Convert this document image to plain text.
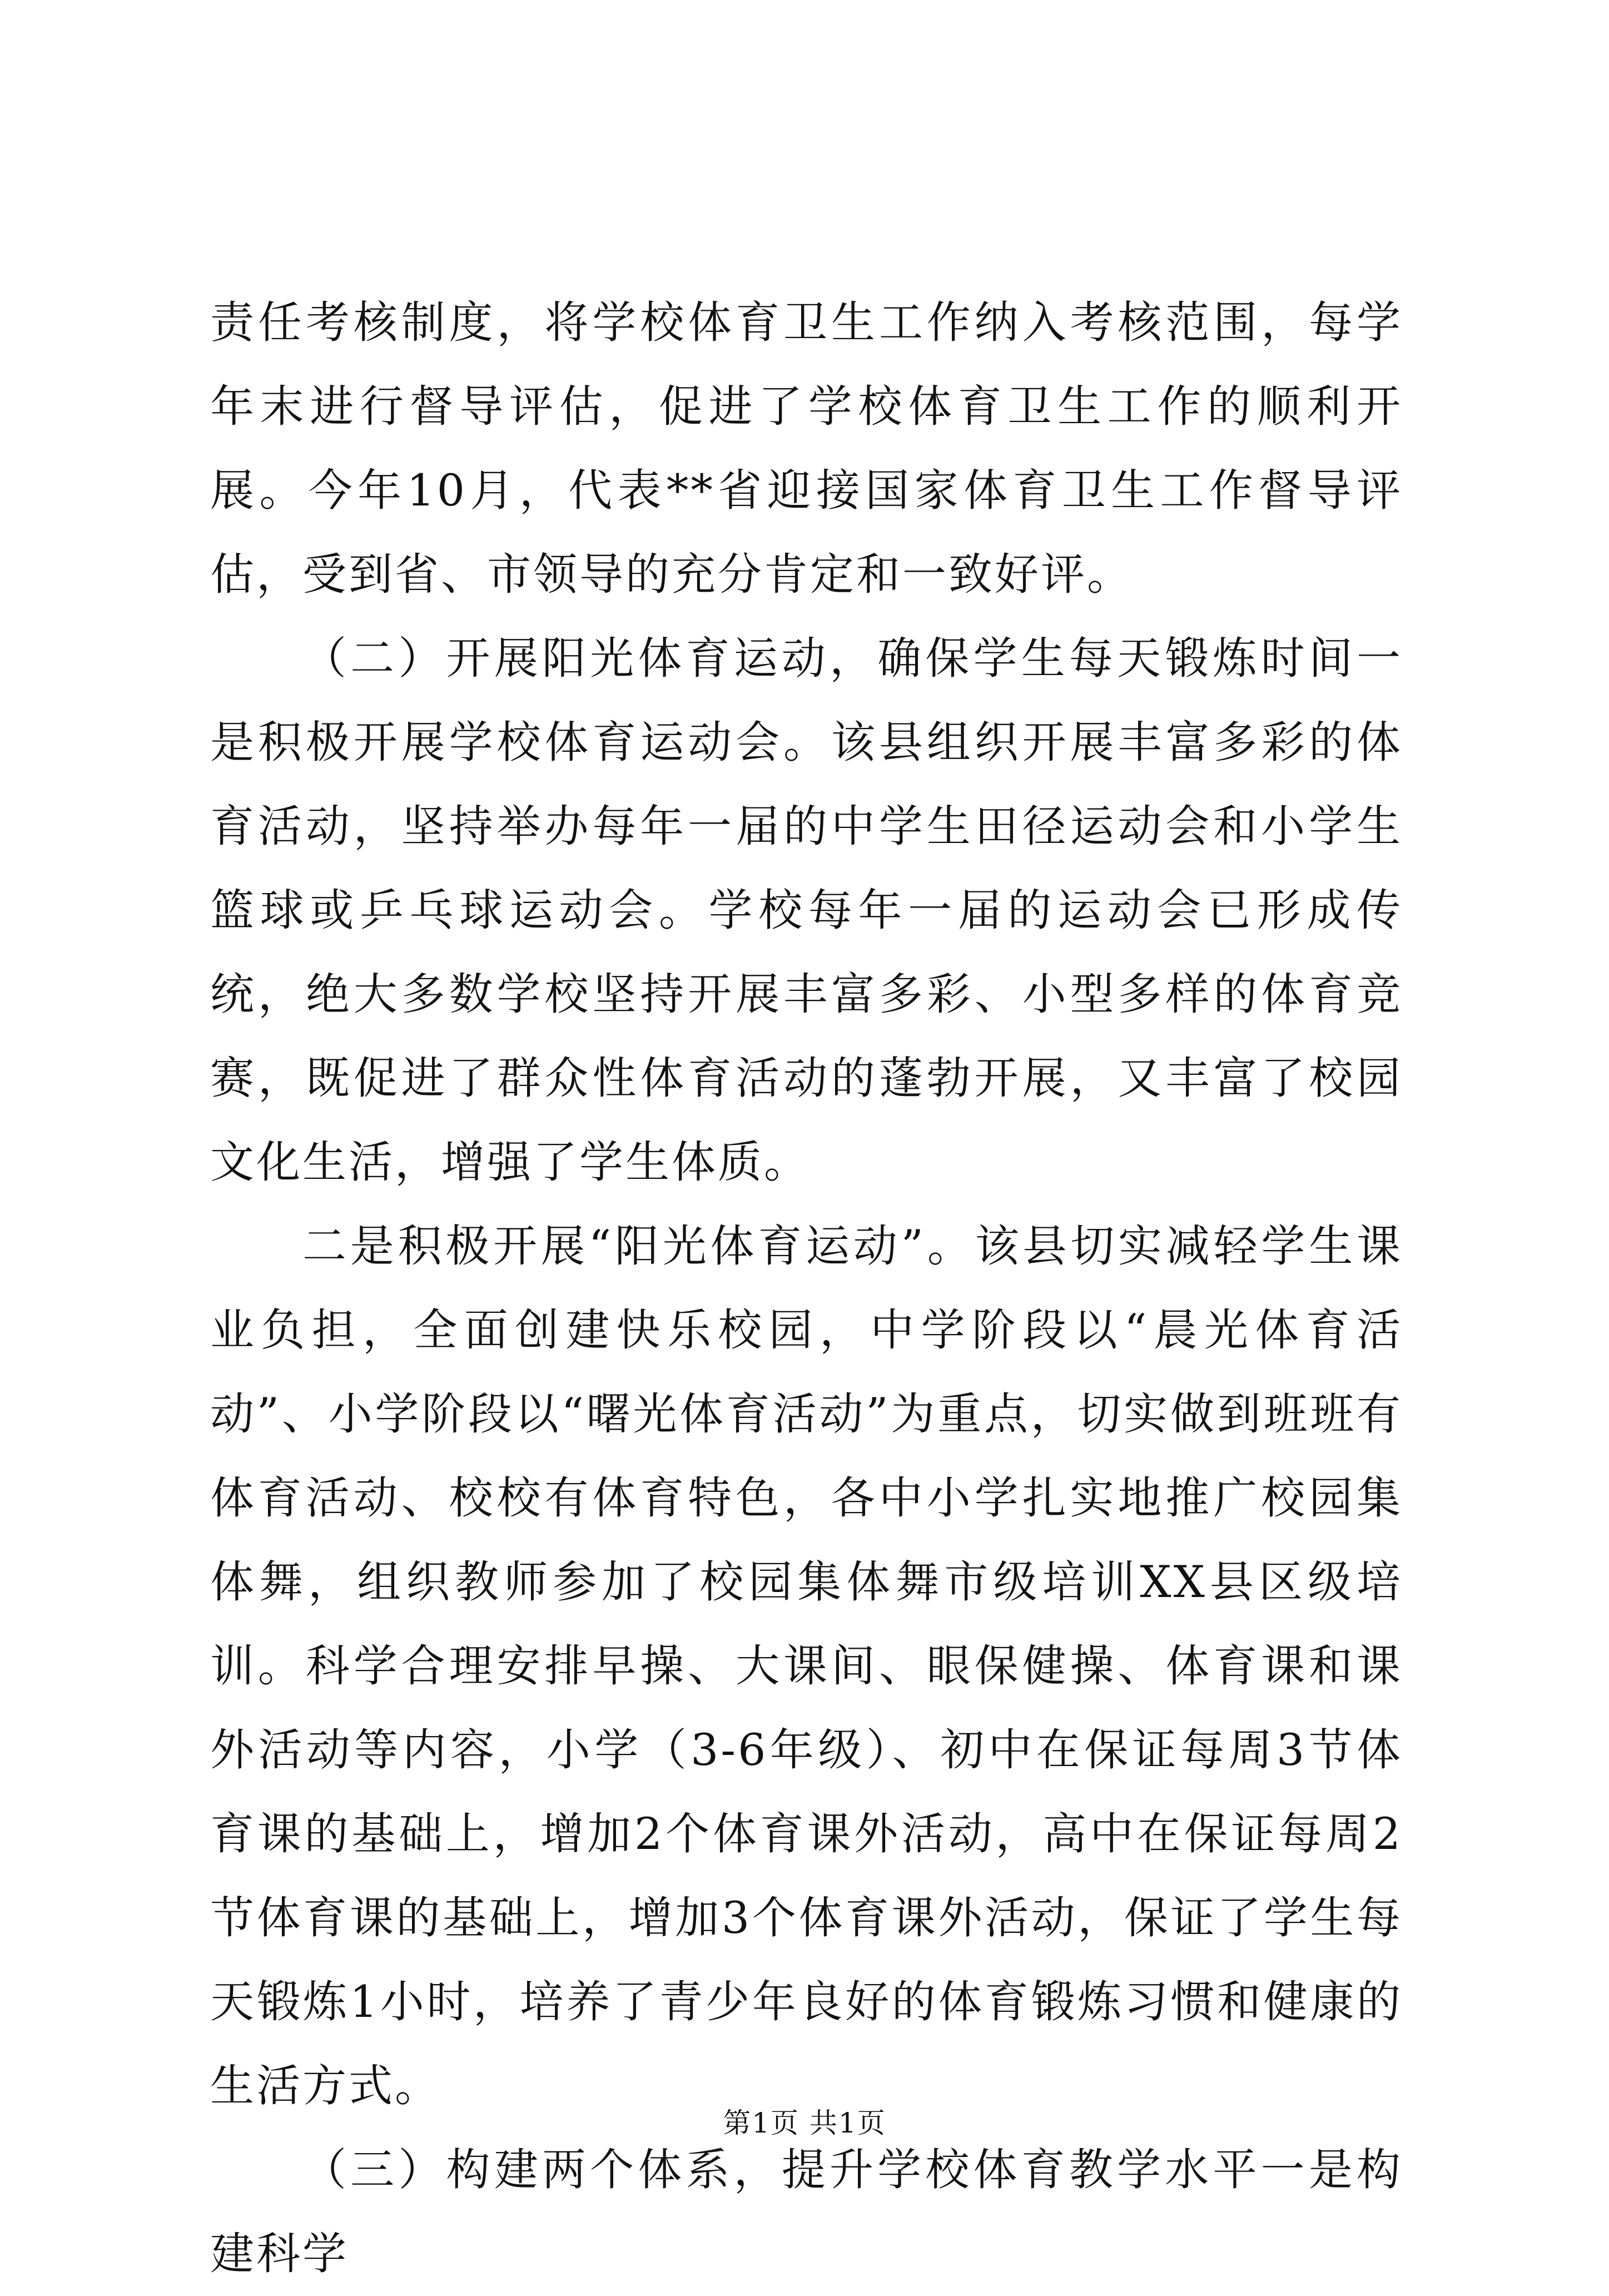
责任考核制度，将学校体育卫生工作纳入考核范围，每学年末进行督导评估，促进了学校体育卫生工作的顺利开展。今年10月，代表**省迎接国家体育卫生工作督导评估，受到省、市领导的充分肯定和一致好评。

（二）开展阳光体育运动，确保学生每天锻炼时间一是积极开展学校体育运动会。该县组织开展丰富多彩的体育活动，坚持举办每年一届的中学生田径运动会和小学生篮球或乒乓球运动会。学校每年一届的运动会已形成传统，绝大多数学校坚持开展丰富多彩、小型多样的体育竞赛，既促进了群众性体育活动的蓬勃开展，又丰富了校园文化生活，增强了学生体质。

二是积极开展“阳光体育运动”。该县切实减轻学生课业负担，全面创建快乐校园，中学阶段以“晨光体育活动”、小学阶段以“曙光体育活动”为重点，切实做到班班有体育活动、校校有体育特色，各中小学扎实地推广校园集体舞，组织教师参加了校园集体舞市级培训XX县区级培训。科学合理安排早操、大课间、眼保健操、体育课和课外活动等内容，小学（3-6年级）、初中在保证每周3节体育课的基础上，增加2个体育课外活动，高中在保证每周2节体育课的基础上，增加3个体育课外活动，保证了学生每天锻炼1小时，培养了青少年良好的体育锻炼习惯和健康的生活方式。

（三）构建两个体系，提升学校体育教学水平一是构建科学

第1页 共1页
